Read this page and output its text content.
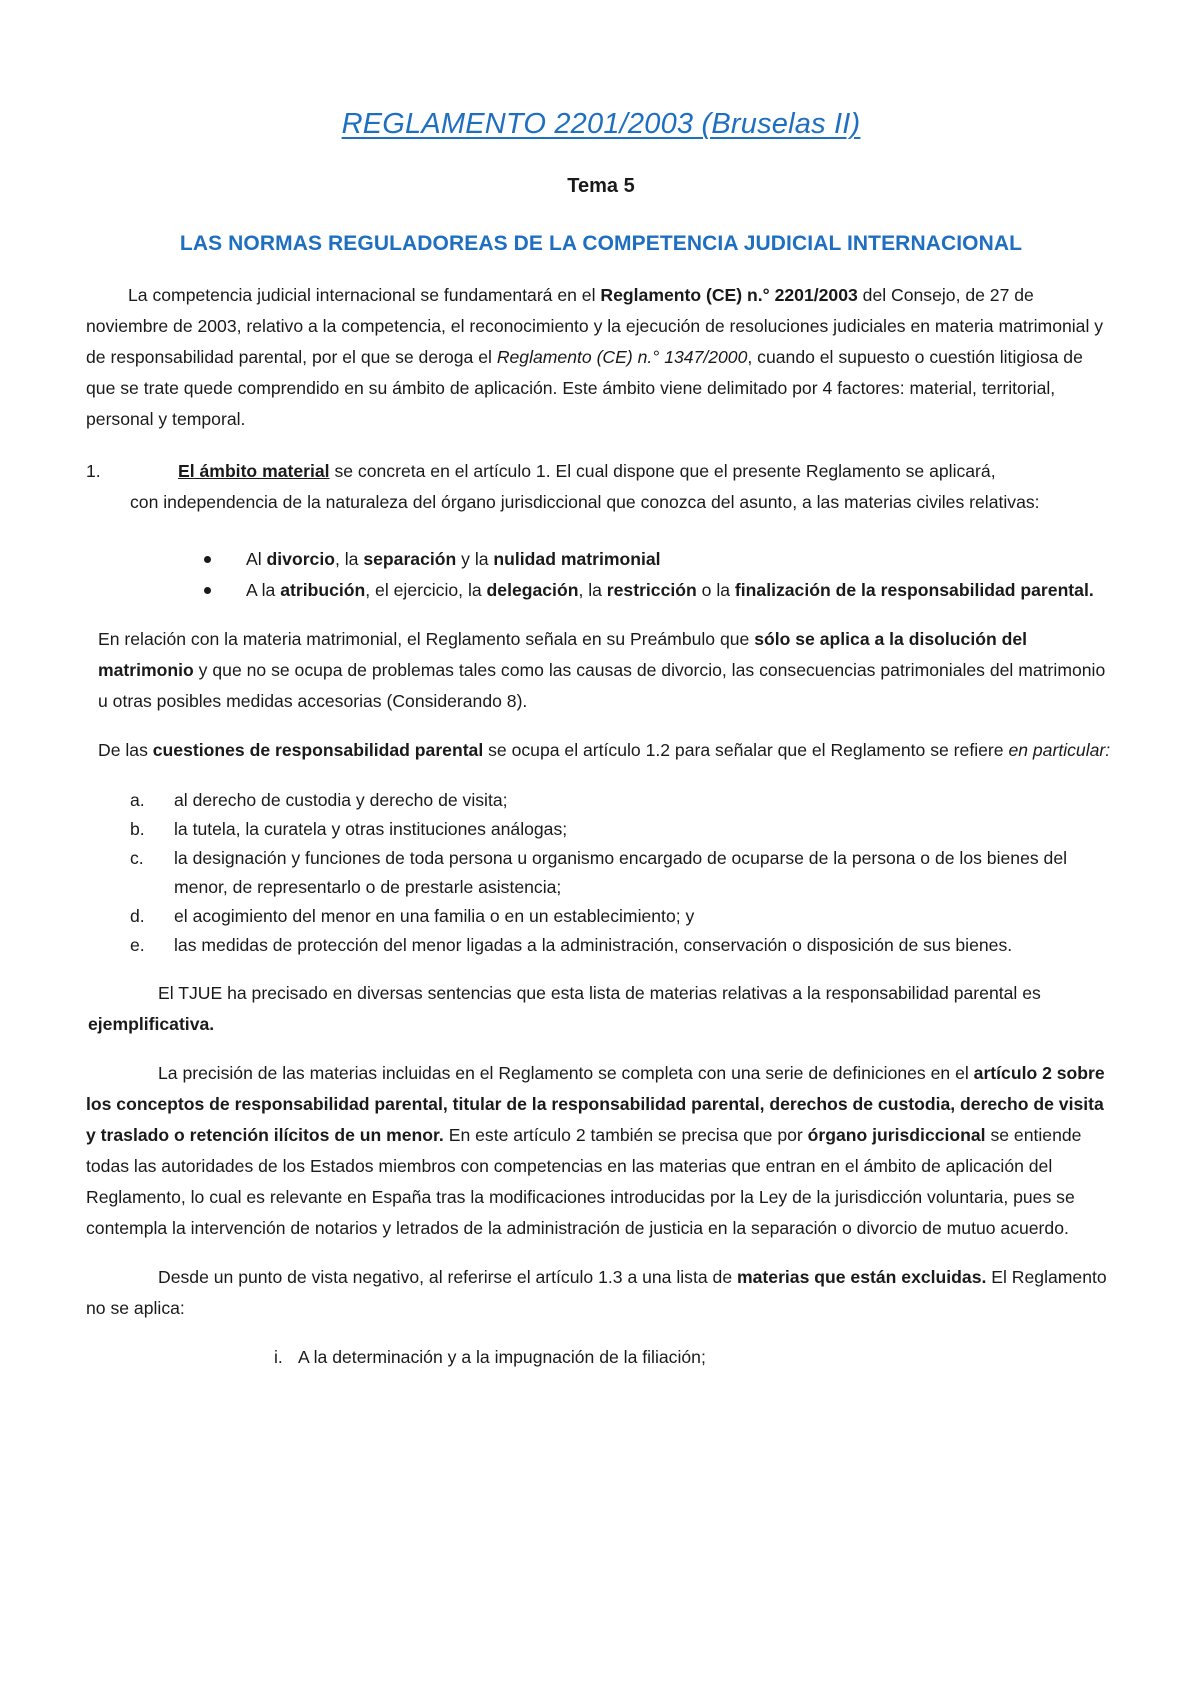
REGLAMENTO 2201/2003 (Bruselas II)
Tema 5
LAS NORMAS REGULADOREAS DE LA COMPETENCIA JUDICIAL INTERNACIONAL

La competencia judicial internacional se fundamentará en el Reglamento (CE) n.° 2201/2003 del Consejo, de 27 de noviembre de 2003, relativo a la competencia, el reconocimiento y la ejecución de resoluciones judiciales en materia matrimonial y de responsabilidad parental, por el que se deroga el Reglamento (CE) n.° 1347/2000, cuando el supuesto o cuestión litigiosa de que se trate quede comprendido en su ámbito de aplicación. Este ámbito viene delimitado por 4 factores: material, territorial, personal y temporal.

1.	El ámbito material se concreta en el artículo 1. El cual dispone que el presente Reglamento se aplicará,
con independencia de la naturaleza del órgano jurisdiccional que conozca del asunto, a las materias civiles relativas:
Al divorcio, la separación y la nulidad matrimonial
A la atribución, el ejercicio, la delegación, la restricción o la finalización de la responsabilidad parental.

En relación con la materia matrimonial, el Reglamento señala en su Preámbulo que sólo se aplica a la disolución del matrimonio y que no se ocupa de problemas tales como las causas de divorcio, las consecuencias patrimoniales del matrimonio u otras posibles medidas accesorias (Considerando 8).

De las cuestiones de responsabilidad parental se ocupa el artículo 1.2 para señalar que el Reglamento se refiere en particular:

a. al derecho de custodia y derecho de visita;
b. la tutela, la curatela y otras instituciones análogas;
c. la designación y funciones de toda persona u organismo encargado de ocuparse de la persona o de los bienes del menor, de representarlo o de prestarle asistencia;
d. el acogimiento del menor en una familia o en un establecimiento; y
e. las medidas de protección del menor ligadas a la administración, conservación o disposición de sus bienes.

El TJUE ha precisado en diversas sentencias que esta lista de materias relativas a la responsabilidad parental es ejemplificativa.

La precisión de las materias incluidas en el Reglamento se completa con una serie de definiciones en el artículo 2 sobre los conceptos de responsabilidad parental, titular de la responsabilidad parental, derechos de custodia, derecho de visita y traslado o retención ilícitos de un menor. En este artículo 2 también se precisa que por órgano jurisdiccional se entiende todas las autoridades de los Estados miembros con competencias en las materias que entran en el ámbito de aplicación del Reglamento, lo cual es relevante en España tras la modificaciones introducidas por la Ley de la jurisdicción voluntaria, pues se contempla la intervención de notarios y letrados de la administración de justicia en la separación o divorcio de mutuo acuerdo.

Desde un punto de vista negativo, al referirse el artículo 1.3 a una lista de materias que están excluidas. El Reglamento no se aplica:

i. A la determinación y a la impugnación de la filiación;
